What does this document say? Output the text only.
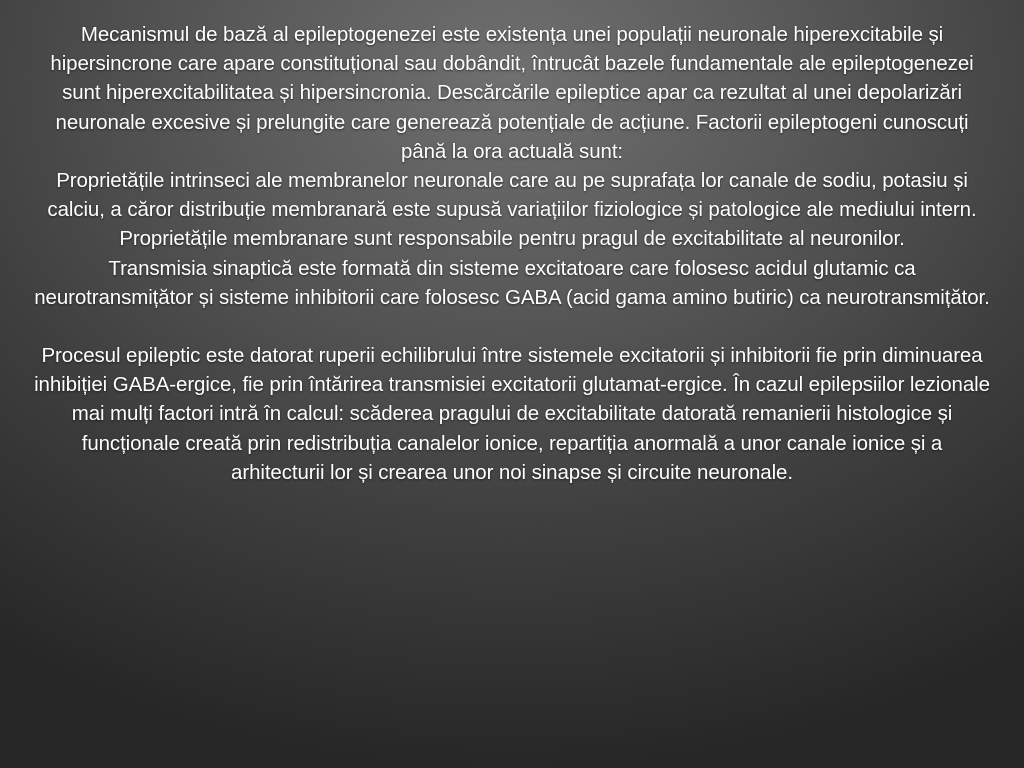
Mecanismul de bază al epileptogenezei este existența unei populații neuronale hiperexcitabile și hipersincrone care apare constituțional sau dobândit, întrucât bazele fundamentale ale epileptogenezei sunt hiperexcitabilitatea și hipersincronia. Descărcările epileptice apar ca rezultat al unei depolarizări neuronale excesive și prelungite care generează potențiale de acțiune. Factorii epileptogeni cunoscuți până la ora actuală sunt:

Proprietățile intrinseci ale membranelor neuronale care au pe suprafața lor canale de sodiu, potasiu și calciu, a căror distribuție membranară este supusă variațiilor fiziologice și patologice ale mediului intern. Proprietățile membranare sunt responsabile pentru pragul de excitabilitate al neuronilor.

Transmisia sinaptică este formată din sisteme excitatoare care folosesc acidul glutamic ca neurotransmițător și sisteme inhibitorii care folosesc GABA (acid gama amino butiric) ca neurotransmițător.

Procesul epileptic este datorat ruperii echilibrului între sistemele excitatorii și inhibitorii fie prin diminuarea inhibiției GABA-ergice, fie prin întărirea transmisiei excitatorii glutamat-ergice. În cazul epilepsiilor lezionale mai mulți factori intră în calcul: scăderea pragului de excitabilitate datorată remanierii histologice și funcționale creată prin redistribuția canalelor ionice, repartiția anormală a unor canale ionice și a arhitecturii lor și crearea unor noi sinapse și circuite neuronale.
